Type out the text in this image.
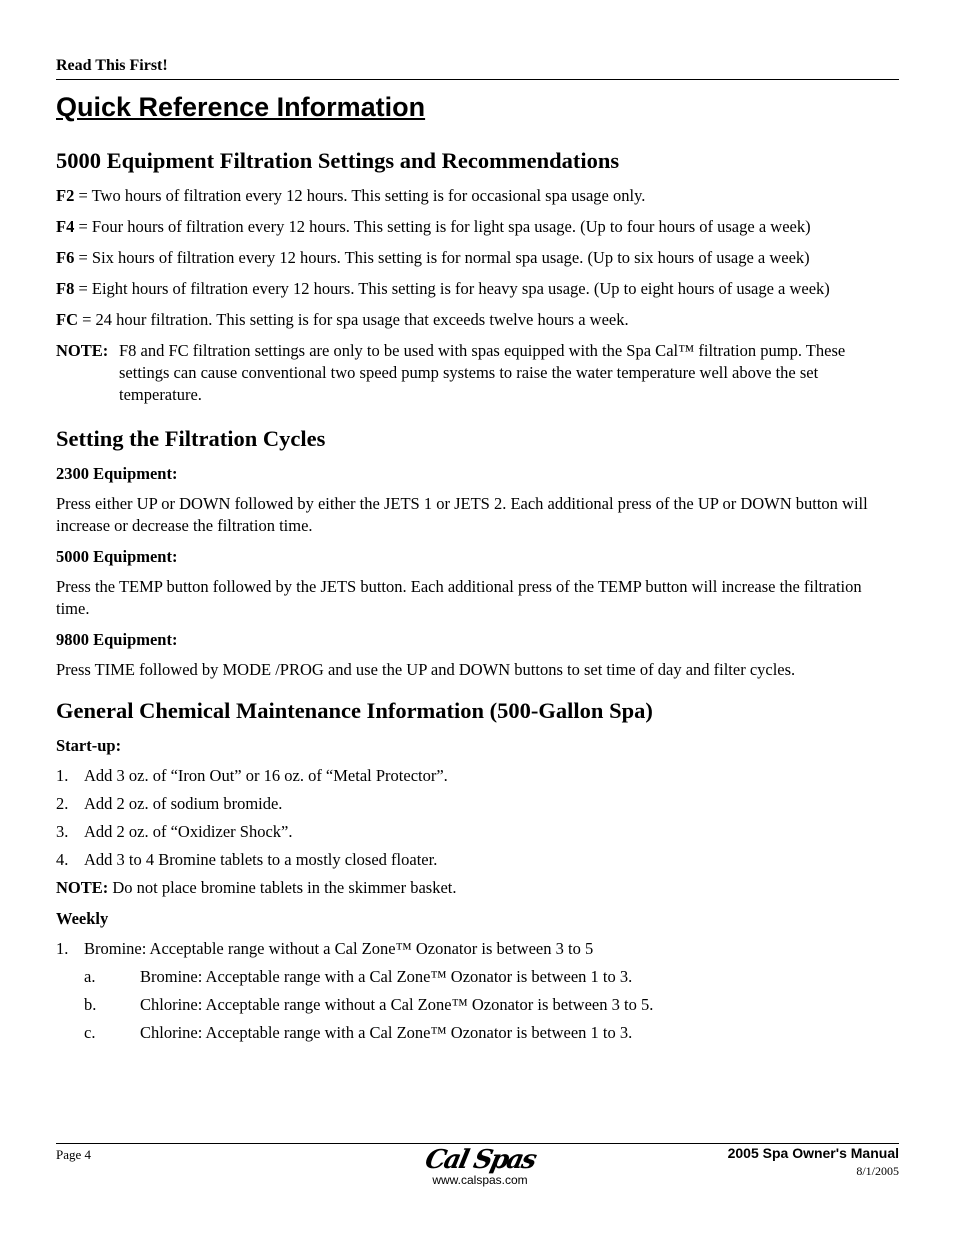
Read This First!
Quick Reference Information
5000 Equipment Filtration Settings and Recommendations

F2 = Two hours of filtration every 12 hours. This setting is for occasional spa usage only.

F4 = Four hours of filtration every 12 hours. This setting is for light spa usage. (Up to four hours of usage a week)

F6 = Six hours of filtration every 12 hours. This setting is for normal spa usage. (Up to six hours of usage a week)

F8 = Eight hours of filtration every 12 hours. This setting is for heavy spa usage. (Up to eight hours of usage a week)

FC = 24 hour filtration. This setting is for spa usage that exceeds twelve hours a week.

NOTE: F8 and FC filtration settings are only to be used with spas equipped with the Spa Cal™ filtration pump. These settings can cause conventional two speed pump systems to raise the water temperature well above the set temperature.
Setting the Filtration Cycles
2300 Equipment:

Press either UP or DOWN followed by either the JETS 1 or JETS 2. Each additional press of the UP or DOWN button will increase or decrease the filtration time.

5000 Equipment:

Press the TEMP button followed by the JETS button. Each additional press of the TEMP button will increase the filtration time.

9800 Equipment:

Press TIME followed by MODE /PROG and use the UP and DOWN buttons to set time of day and filter cycles.

General Chemical Maintenance Information (500-Gallon Spa)
Start-up:
1. Add 3 oz. of “Iron Out” or 16 oz. of “Metal Protector”.
2. Add 2 oz. of sodium bromide.
3. Add 2 oz. of “Oxidizer Shock”.
4. Add 3 to 4 Bromine tablets to a mostly closed floater.

NOTE: Do not place bromine tablets in the skimmer basket.

Weekly
1. Bromine: Acceptable range without a Cal Zone™ Ozonator is between 3 to 5
a.	Bromine: Acceptable range with a Cal Zone™ Ozonator is between 1 to 3.
b.	Chlorine: Acceptable range without a Cal Zone™ Ozonator is between 3 to 5.
c.	Chlorine: Acceptable range with a Cal Zone™ Ozonator is between 1 to 3.
Page 4	Cal Spas
www.calspas.com
2005 Spa Owner's Manual
8/1/2005
